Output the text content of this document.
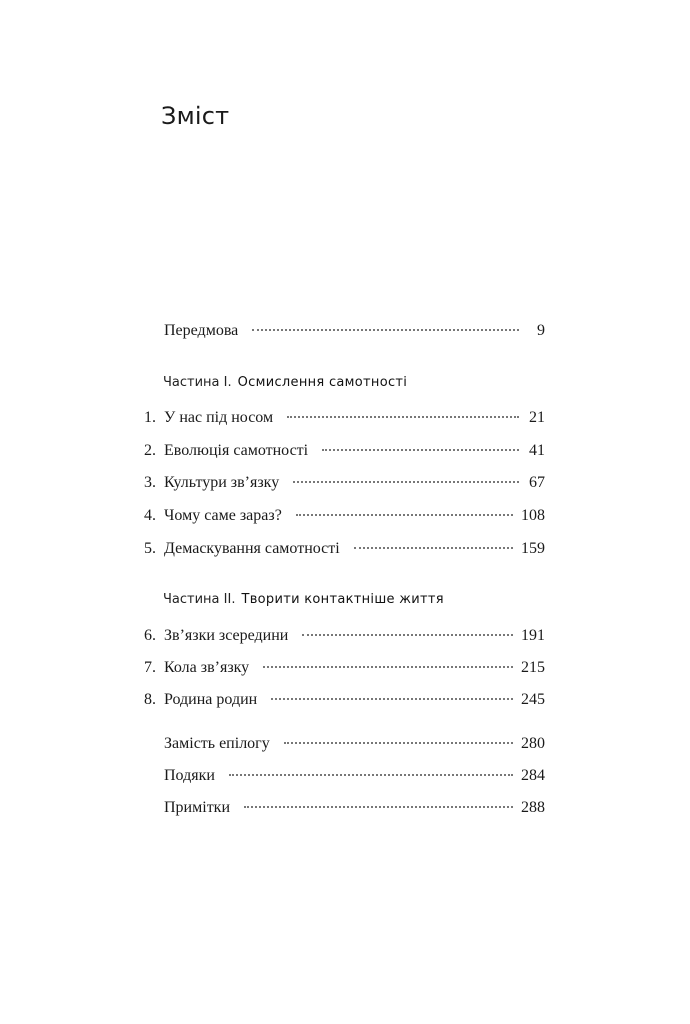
Зміст
Передмова	9
Частина I. Осмислення самотності
1. У нас під носом	21
2. Еволюція самотності	41
3. Культури зв’язку	67
4. Чому саме зараз?	108
5. Демаскування самотності	159
Частина II. Творити контактніше життя
6. Зв’язки зсередини	191
7. Кола зв’язку	215
8. Родина родин	245
Замість епілогу	280
Подяки	284
Примітки	288
